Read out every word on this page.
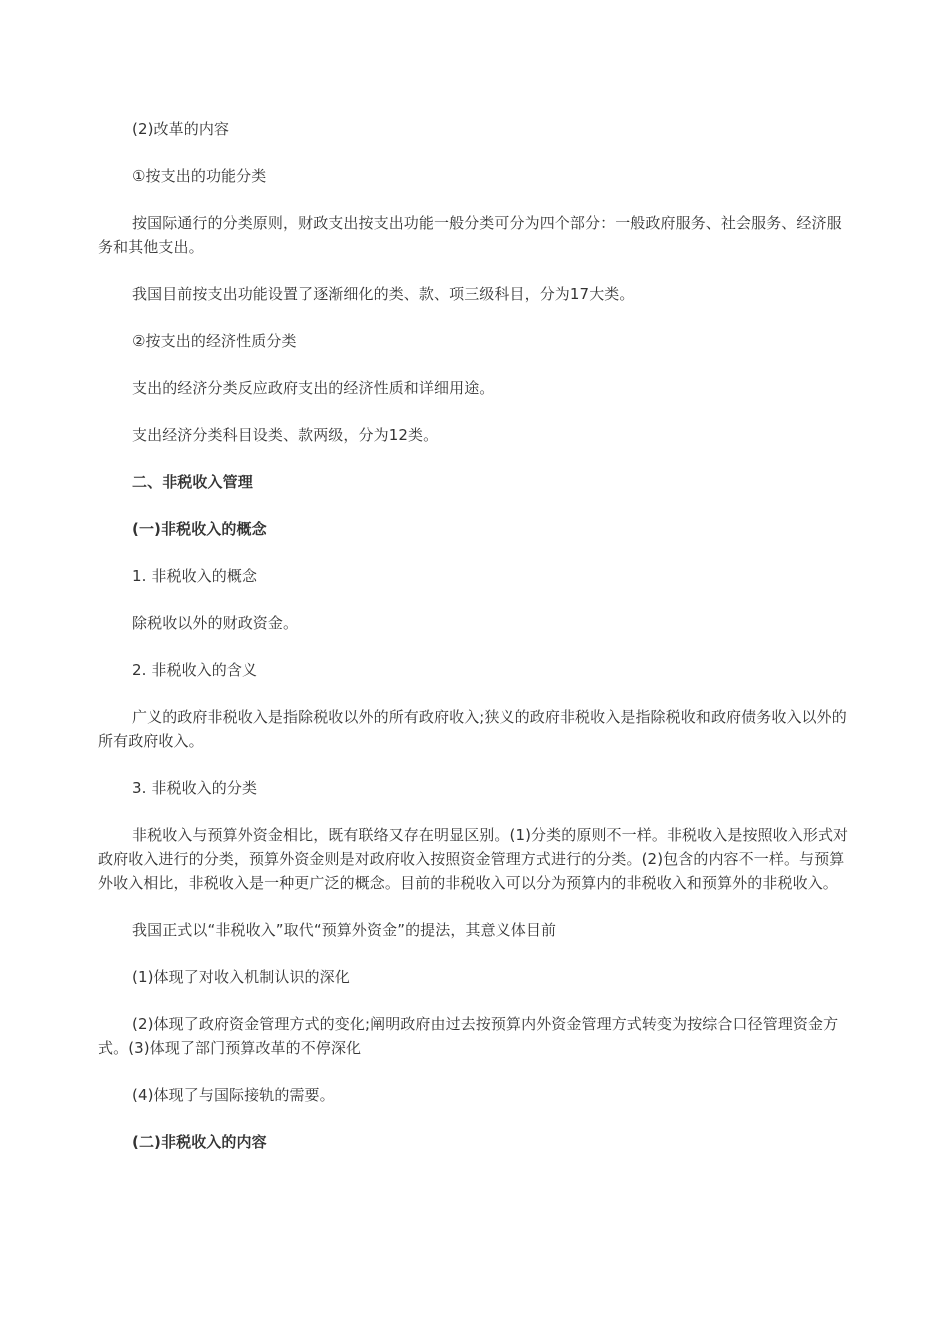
(2)改革的内容

①按支出的功能分类

按国际通行的分类原则，财政支出按支出功能一般分类可分为四个部分：一般政府服务、社会服务、经济服务和其他支出。

我国目前按支出功能设置了逐渐细化的类、款、项三级科目，分为17大类。

②按支出的经济性质分类

支出的经济分类反应政府支出的经济性质和详细用途。

支出经济分类科目设类、款两级，分为12类。

二、非税收入管理

(一)非税收入的概念

1. 非税收入的概念

除税收以外的财政资金。

2. 非税收入的含义

广义的政府非税收入是指除税收以外的所有政府收入;狭义的政府非税收入是指除税收和政府债务收入以外的所有政府收入。

3. 非税收入的分类

非税收入与预算外资金相比，既有联络又存在明显区别。(1)分类的原则不一样。非税收入是按照收入形式对政府收入进行的分类，预算外资金则是对政府收入按照资金管理方式进行的分类。(2)包含的内容不一样。与预算外收入相比，非税收入是一种更广泛的概念。目前的非税收入可以分为预算内的非税收入和预算外的非税收入。

我国正式以“非税收入”取代“预算外资金”的提法，其意义体目前

(1)体现了对收入机制认识的深化

(2)体现了政府资金管理方式的变化;阐明政府由过去按预算内外资金管理方式转变为按综合口径管理资金方式。(3)体现了部门预算改革的不停深化

(4)体现了与国际接轨的需要。

(二)非税收入的内容
